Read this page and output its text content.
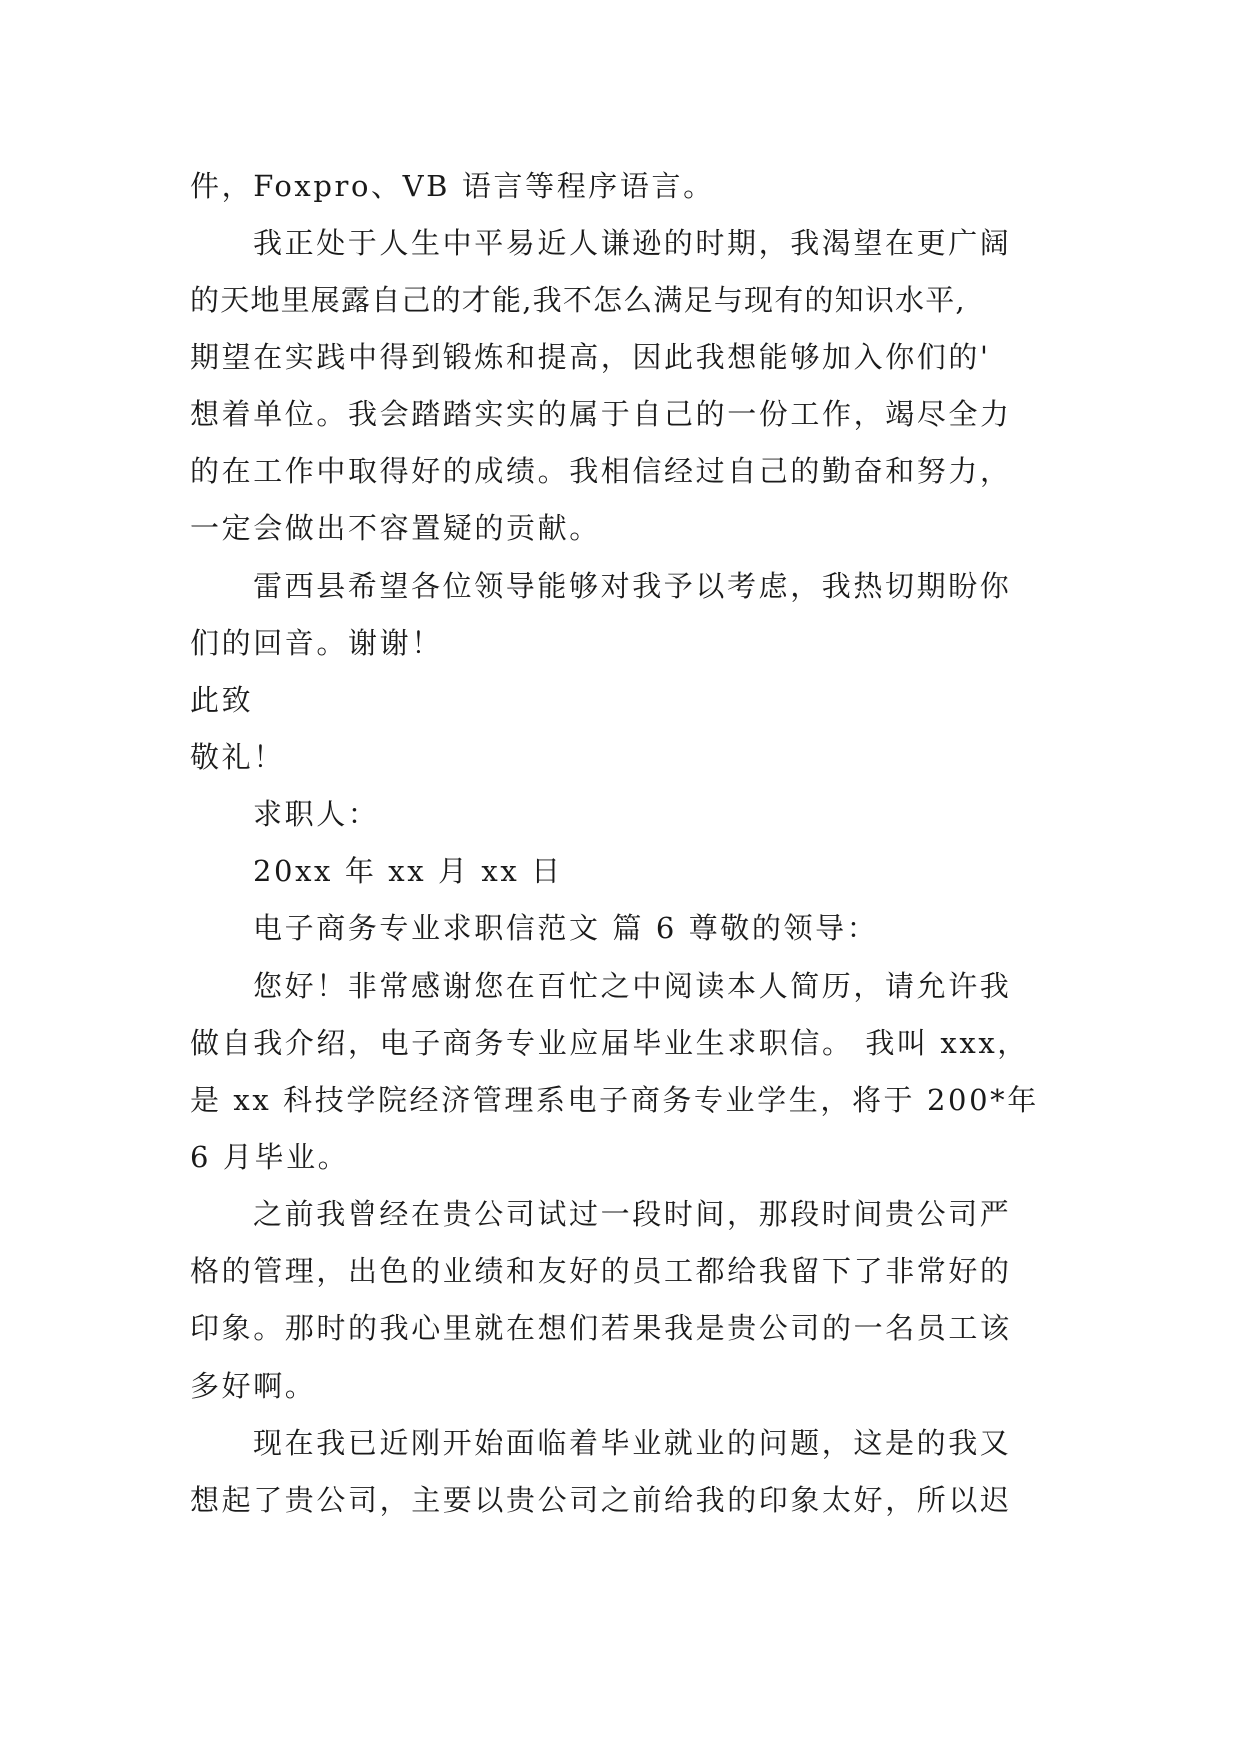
件，Foxpro、VB 语言等程序语言。
我正处于人生中平易近人谦逊的时期，我渴望在更广阔
的天地里展露自己的才能,我不怎么满足与现有的知识水平,
期望在实践中得到锻炼和提高，因此我想能够加入你们的'
想着单位。我会踏踏实实的属于自己的一份工作，竭尽全力
的在工作中取得好的成绩。我相信经过自己的勤奋和努力，
一定会做出不容置疑的贡献。
雷西县希望各位领导能够对我予以考虑，我热切期盼你
们的回音。谢谢！
此致
敬礼！
求职人：
20xx 年 xx 月 xx 日
电子商务专业求职信范文 篇 6 尊敬的领导：
您好！非常感谢您在百忙之中阅读本人简历，请允许我
做自我介绍，电子商务专业应届毕业生求职信。 我叫 xxx，
是 xx 科技学院经济管理系电子商务专业学生，将于 200*年
6 月毕业。
之前我曾经在贵公司试过一段时间，那段时间贵公司严
格的管理，出色的业绩和友好的员工都给我留下了非常好的
印象。那时的我心里就在想们若果我是贵公司的一名员工该
多好啊。
现在我已近刚开始面临着毕业就业的问题，这是的我又
想起了贵公司，主要以贵公司之前给我的印象太好，所以迟
